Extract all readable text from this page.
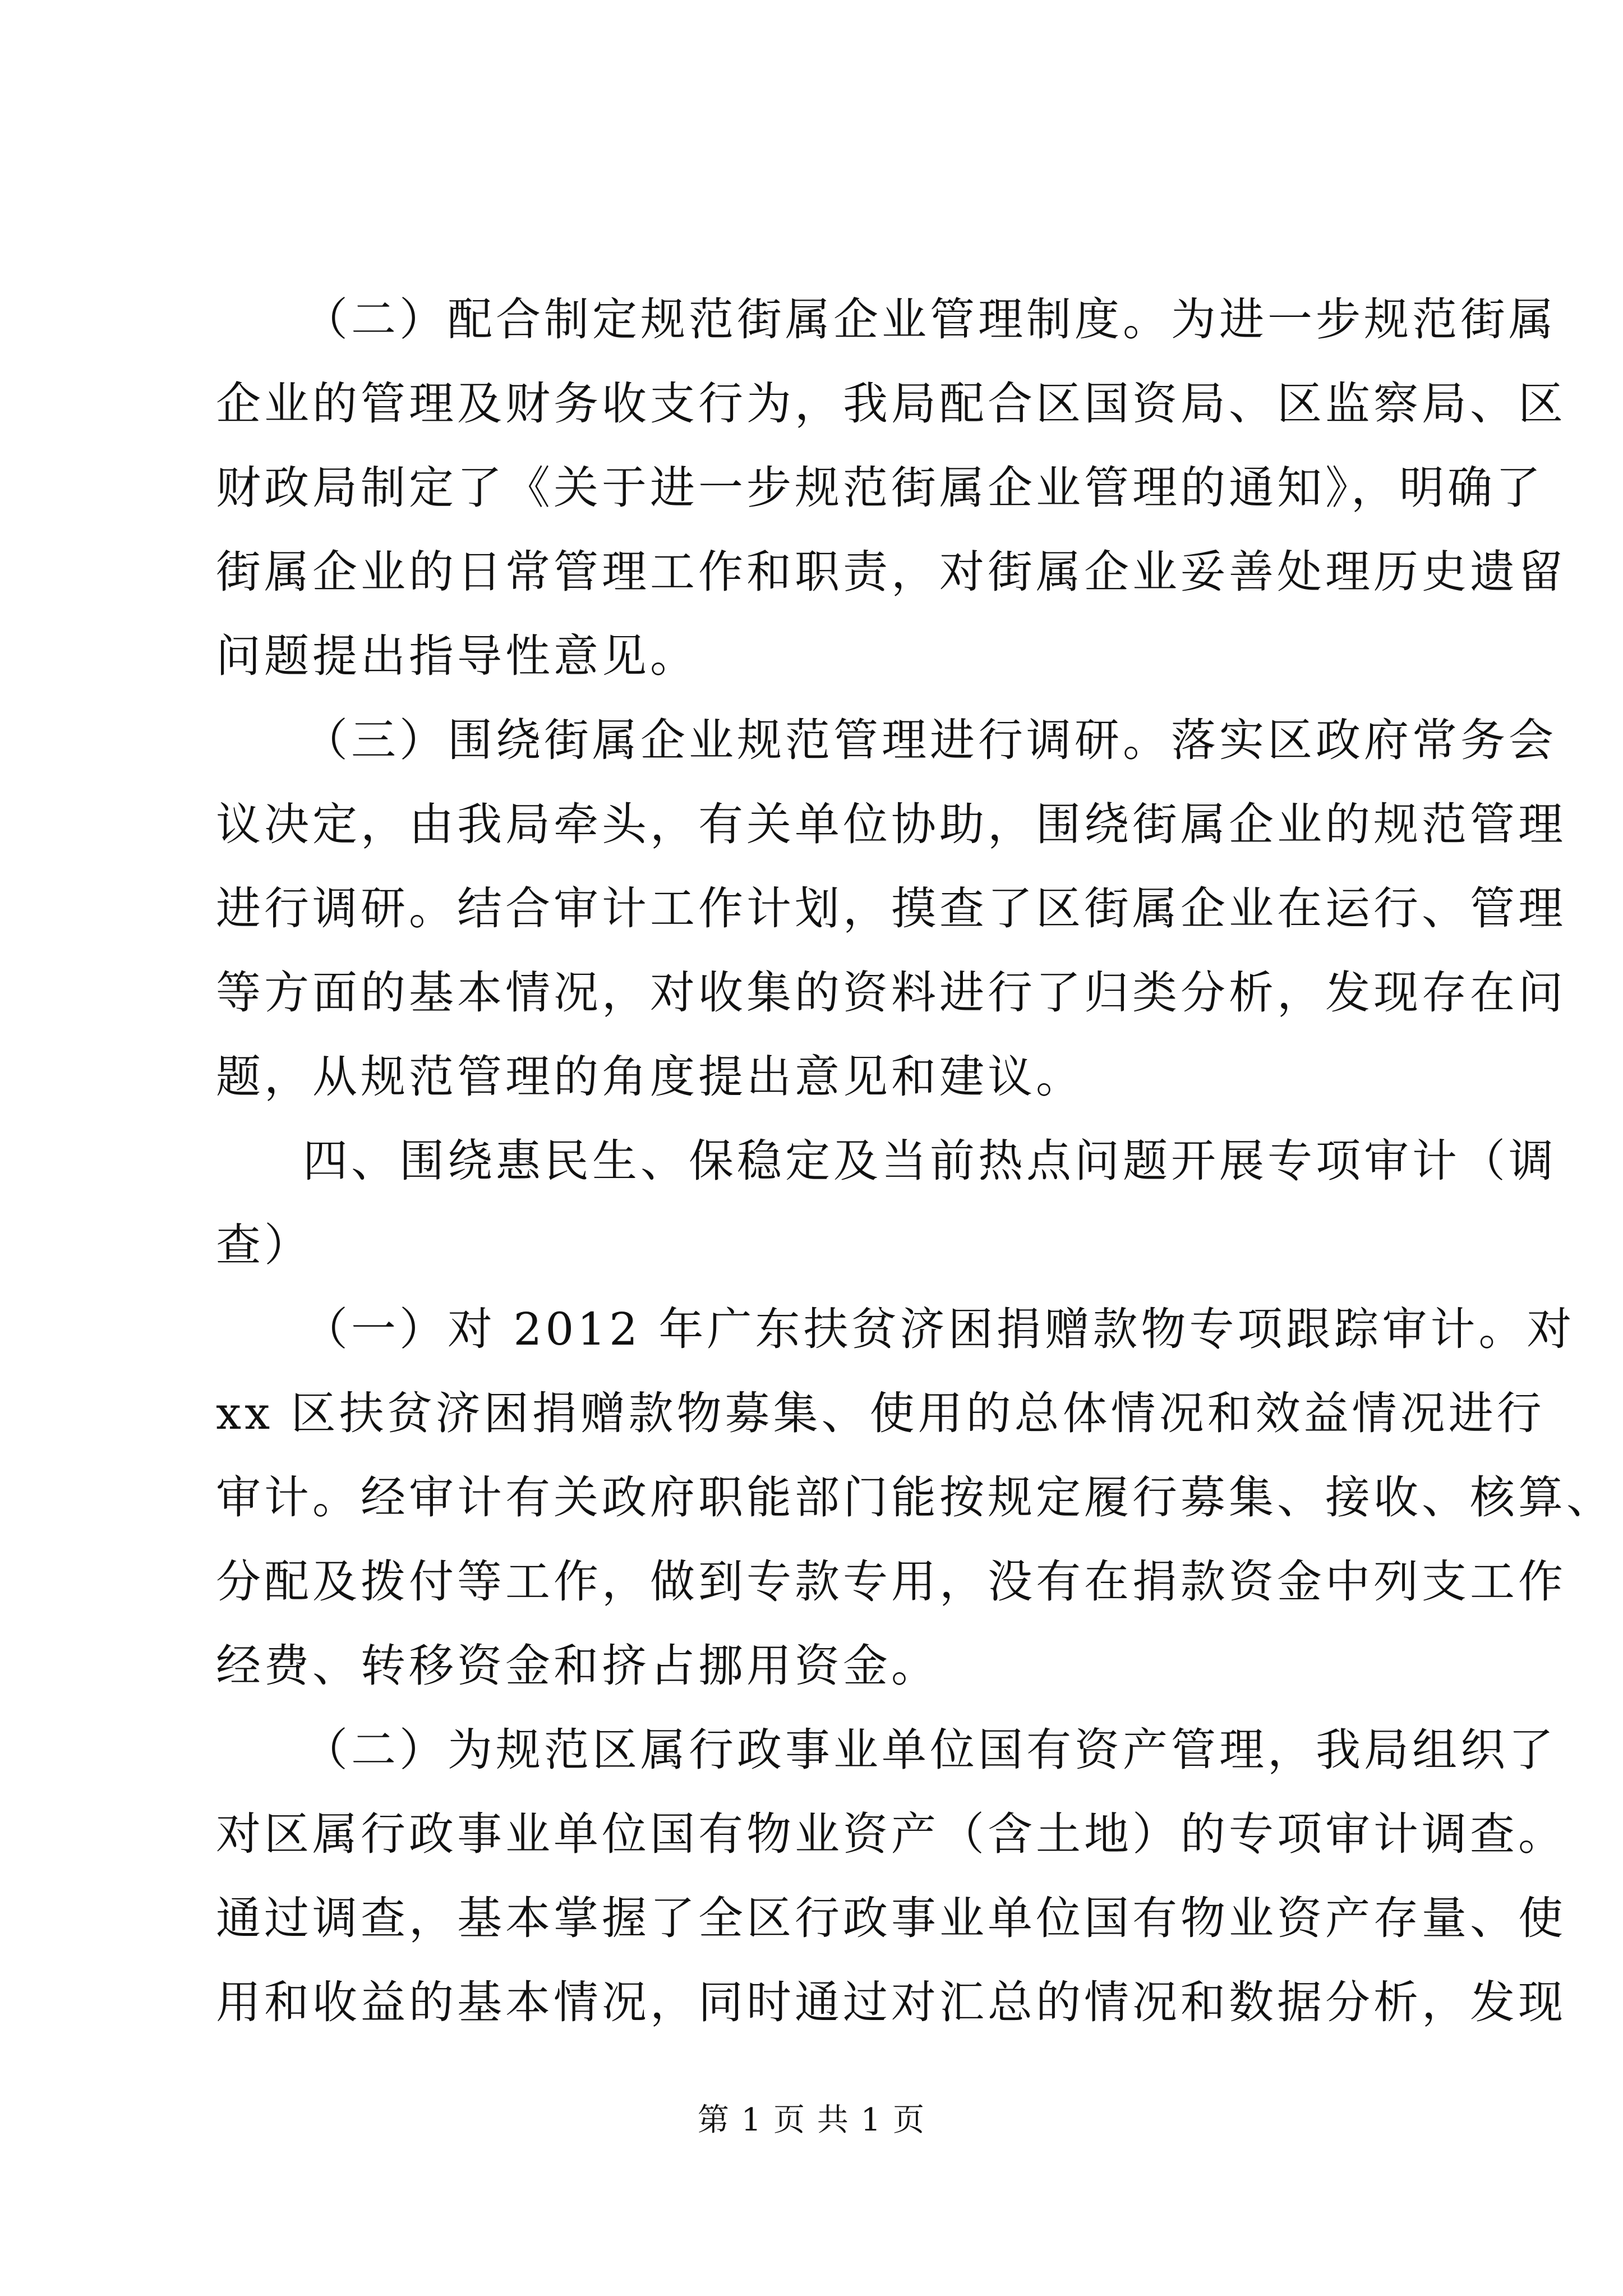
（二）配合制定规范街属企业管理制度。为进一步规范街属
企业的管理及财务收支行为，我局配合区国资局、区监察局、区
财政局制定了《关于进一步规范街属企业管理的通知》，明确了
街属企业的日常管理工作和职责，对街属企业妥善处理历史遗留
问题提出指导性意见。
（三）围绕街属企业规范管理进行调研。落实区政府常务会
议决定，由我局牵头，有关单位协助，围绕街属企业的规范管理
进行调研。结合审计工作计划，摸查了区街属企业在运行、管理
等方面的基本情况，对收集的资料进行了归类分析，发现存在问
题，从规范管理的角度提出意见和建议。
四、围绕惠民生、保稳定及当前热点问题开展专项审计（调
查）
（一）对 2012 年广东扶贫济困捐赠款物专项跟踪审计。对
xx 区扶贫济困捐赠款物募集、使用的总体情况和效益情况进行
审计。经审计有关政府职能部门能按规定履行募集、接收、核算、
分配及拨付等工作，做到专款专用，没有在捐款资金中列支工作
经费、转移资金和挤占挪用资金。
（二）为规范区属行政事业单位国有资产管理，我局组织了
对区属行政事业单位国有物业资产（含土地）的专项审计调查。
通过调查，基本掌握了全区行政事业单位国有物业资产存量、使
用和收益的基本情况，同时通过对汇总的情况和数据分析，发现
第 1 页 共 1 页
